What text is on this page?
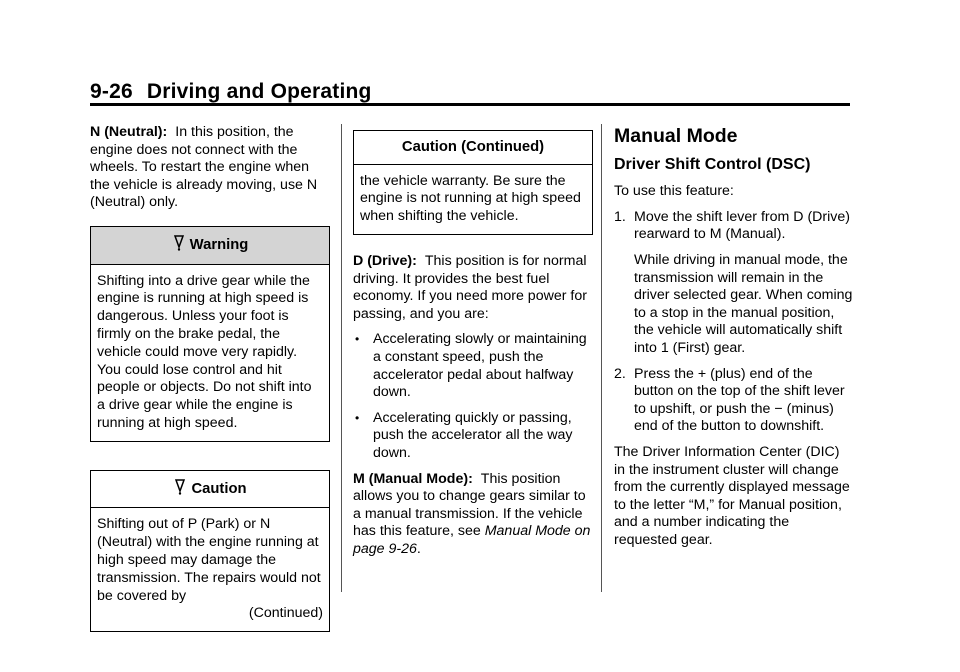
9-26 Driving and Operating

N (Neutral): In this position, the engine does not connect with the wheels. To restart the engine when the vehicle is already moving, use N (Neutral) only.

Warning
Shifting into a drive gear while the engine is running at high speed is dangerous. Unless your foot is firmly on the brake pedal, the vehicle could move very rapidly. You could lose control and hit people or objects. Do not shift into a drive gear while the engine is running at high speed.
Caution
Shifting out of P (Park) or N (Neutral) with the engine running at high speed may damage the transmission. The repairs would not be covered by
(Continued)
Caution (Continued)
the vehicle warranty. Be sure the engine is not running at high speed when shifting the vehicle.

D (Drive): This position is for normal driving. It provides the best fuel economy. If you need more power for passing, and you are:

• Accelerating slowly or maintaining a constant speed, push the accelerator pedal about halfway down.
• Accelerating quickly or passing, push the accelerator all the way down.

M (Manual Mode): This position allows you to change gears similar to a manual transmission. If the vehicle has this feature, see Manual Mode on page 9-26.

Manual Mode
Driver Shift Control (DSC)

To use this feature:

1. Move the shift lever from D (Drive) rearward to M (Manual).
While driving in manual mode, the transmission will remain in the driver selected gear. When coming to a stop in the manual position, the vehicle will automatically shift into 1 (First) gear.
2. Press the + (plus) end of the button on the top of the shift lever to upshift, or push the − (minus) end of the button to downshift.

The Driver Information Center (DIC) in the instrument cluster will change from the currently displayed message to the letter “M,” for Manual position, and a number indicating the requested gear.
